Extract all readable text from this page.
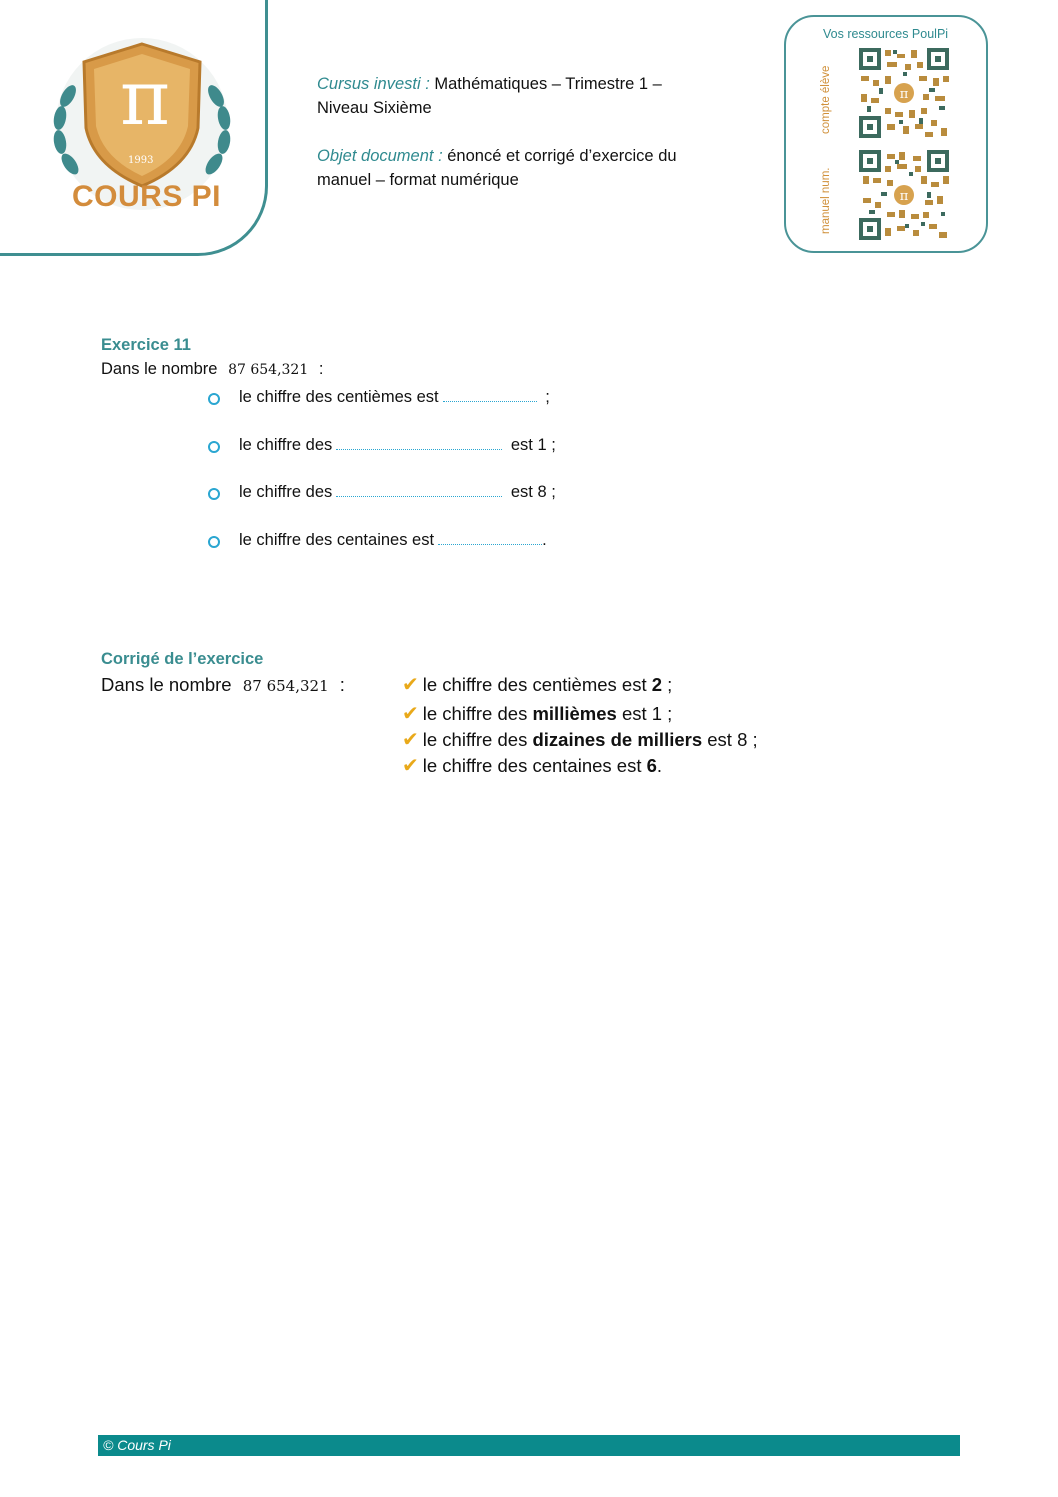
π
1993
COURS PI
Cursus investi : Mathématiques – Trimestre 1 –
Niveau Sixième
Objet document : énoncé et corrigé d’exercice du
manuel – format numérique
Vos ressources PoulPi
compte élève
manuel num.
π
π
Exercice 11
Dans le nombre 87 654,321 :
le chiffre des centièmes est	;
le chiffre des	est 1 ;
le chiffre des	est 8 ;
le chiffre des centaines est	.
Corrigé de l’exercice
Dans le nombre 87 654,321 :	✔ le chiffre des centièmes est 2 ;
✔ le chiffre des millièmes est 1 ;
✔ le chiffre des dizaines de milliers est 8 ;
✔ le chiffre des centaines est 6.
© Cours Pi
